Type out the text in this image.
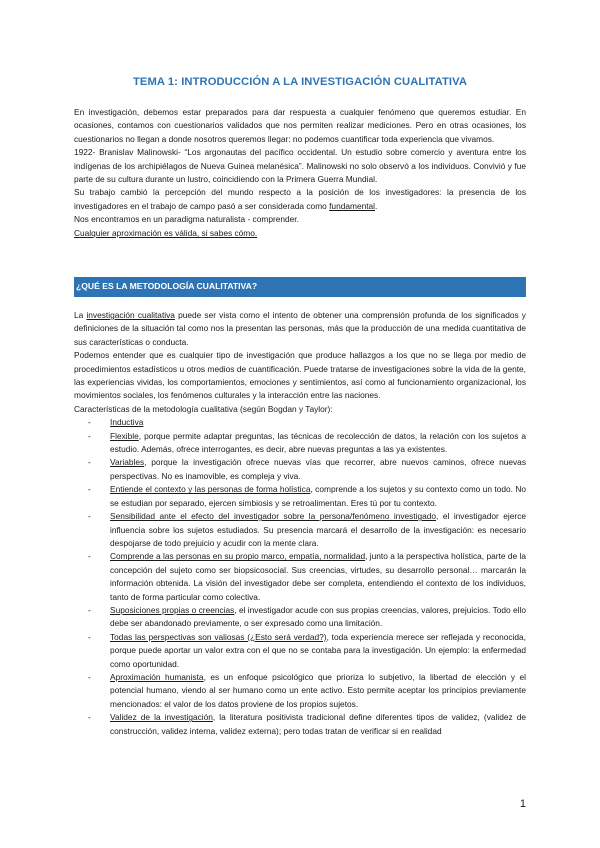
TEMA 1: INTRODUCCIÓN A LA INVESTIGACIÓN CUALITATIVA

En investigación, debemos estar preparados para dar respuesta a cualquier fenómeno que queremos estudiar. En ocasiones, contamos con cuestionarios validados que nos permiten realizar mediciones. Pero en otras ocasiones, los cuestionarios no llegan a donde nosotros queremos llegar: no podemos cuantificar toda experiencia que vivamos.

1922- Branislav Malinowski- “Los argonautas del pacífico occidental. Un estudio sobre comercio y aventura entre los indígenas de los archipiélagos de Nueva Guinea melanésica”. Malinowski no solo observó a los individuos. Convivió y fue parte de su cultura durante un lustro, coincidiendo con la Primera Guerra Mundial.

Su trabajo cambió la percepción del mundo respecto a la posición de los investigadores: la presencia de los investigadores en el trabajo de campo pasó a ser considerada como fundamental.

Nos encontramos en un paradigma naturalista - comprender.

Cualquier aproximación es válida, si sabes cómo.

¿QUÉ ES LA METODOLOGÍA CUALITATIVA?

La investigación cualitativa puede ser vista como el intento de obtener una comprensión profunda de los significados y definiciones de la situación tal como nos la presentan las personas, más que la producción de una medida cuantitativa de sus características o conducta.

Podemos entender que es cualquier tipo de investigación que produce hallazgos a los que no se llega por medio de procedimientos estadísticos u otros medios de cuantificación. Puede tratarse de investigaciones sobre la vida de la gente, las experiencias vividas, los comportamientos, emociones y sentimientos, así como al funcionamiento organizacional, los movimientos sociales, los fenómenos culturales y la interacción entre las naciones.

Características de la metodología cualitativa (según Bogdan y Taylor):

- Inductiva
- Flexible, porque permite adaptar preguntas, las técnicas de recolección de datos, la relación con los sujetos a estudio. Además, ofrece interrogantes, es decir, abre nuevas preguntas a las ya existentes.
- Variables, porque la investigación ofrece nuevas vías que recorrer, abre nuevos caminos, ofrece nuevas perspectivas. No es inamovible, es compleja y viva.
- Entiende el contexto y las personas de forma holística, comprende a los sujetos y su contexto como un todo. No se estudian por separado, ejercen simbiosis y se retroalimentan. Eres tú por tu contexto.
- Sensibilidad ante el efecto del investigador sobre la persona/fenómeno investigado, el investigador ejerce influencia sobre los sujetos estudiados. Su presencia marcará el desarrollo de la investigación: es necesario despojarse de todo prejuicio y acudir con la mente clara.
- Comprende a las personas en su propio marco, empatía, normalidad, junto a la perspectiva holística, parte de la concepción del sujeto como ser biopsicosocial. Sus creencias, virtudes, su desarrollo personal… marcarán la información obtenida. La visión del investigador debe ser completa, entendiendo el contexto de los individuos, tanto de forma particular como colectiva.
- Suposiciones propias o creencias, el investigador acude con sus propias creencias, valores, prejuicios. Todo ello debe ser abandonado previamente, o ser expresado como una limitación.
- Todas las perspectivas son valiosas (¿Esto será verdad?), toda experiencia merece ser reflejada y reconocida, porque puede aportar un valor extra con el que no se contaba para la investigación. Un ejemplo: la enfermedad como oportunidad.
- Aproximación humanista, es un enfoque psicológico que prioriza lo subjetivo, la libertad de elección y el potencial humano, viendo al ser humano como un ente activo. Esto permite aceptar los principios previamente mencionados: el valor de los datos proviene de los propios sujetos.
- Validez de la investigación, la literatura positivista tradicional define diferentes tipos de validez, (validez de construcción, validez interna, validez externa); pero todas tratan de verificar si en realidad
1
